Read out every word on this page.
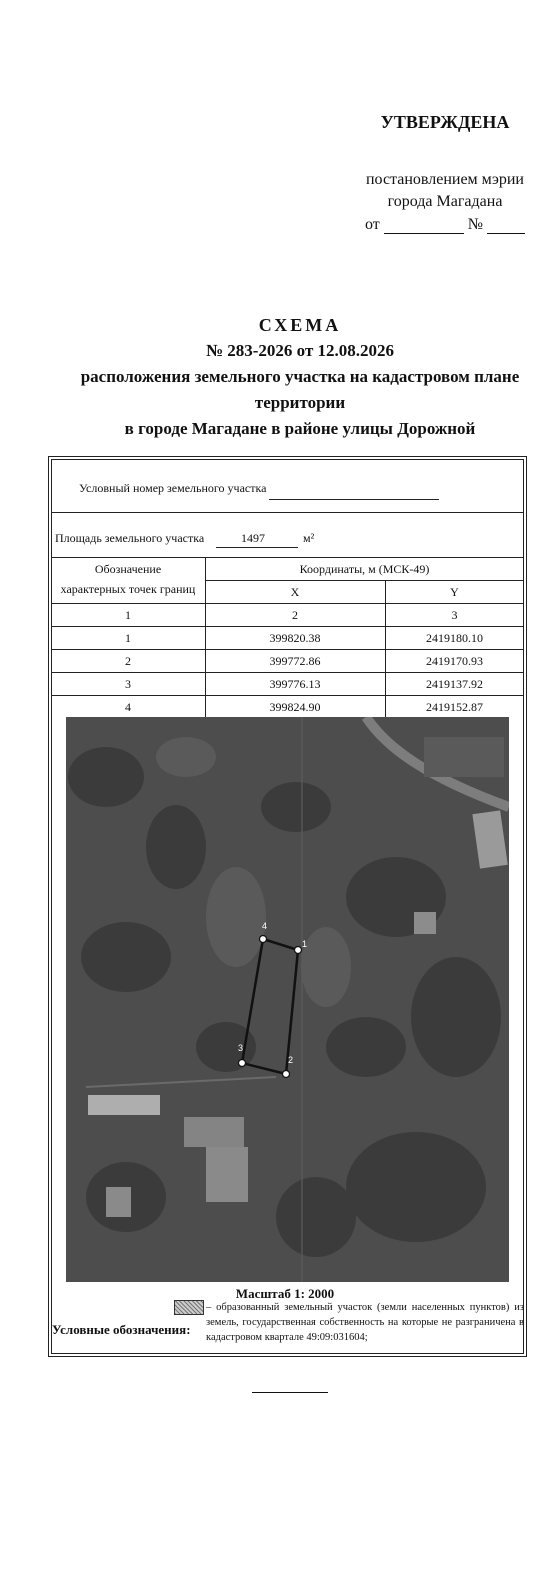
УТВЕРЖДЕНА
постановлением мэрии
города Магадана
от	№
СХЕМА
№ 283-2026 от 12.08.2026
расположения земельного участка на кадастровом плане территории
в городе Магадане в районе улицы Дорожной
Условный номер земельного участка
Площадь земельного участка	1497	м²
Обозначение
характерных точек границ
Координаты, м (МСК-49)
X	Y
1	2	3
1	399820.38	2419180.10
2	399772.86	2419170.93
3	399776.13	2419137.92
4	399824.90	2419152.87
4
1
3
2
Масштаб 1: 2000
– образованный земельный участок (земли населенных пунктов) из земель, государственная собственность на которые не разграничена в кадастровом квартале 49:09:031604;
Условные обозначения:
